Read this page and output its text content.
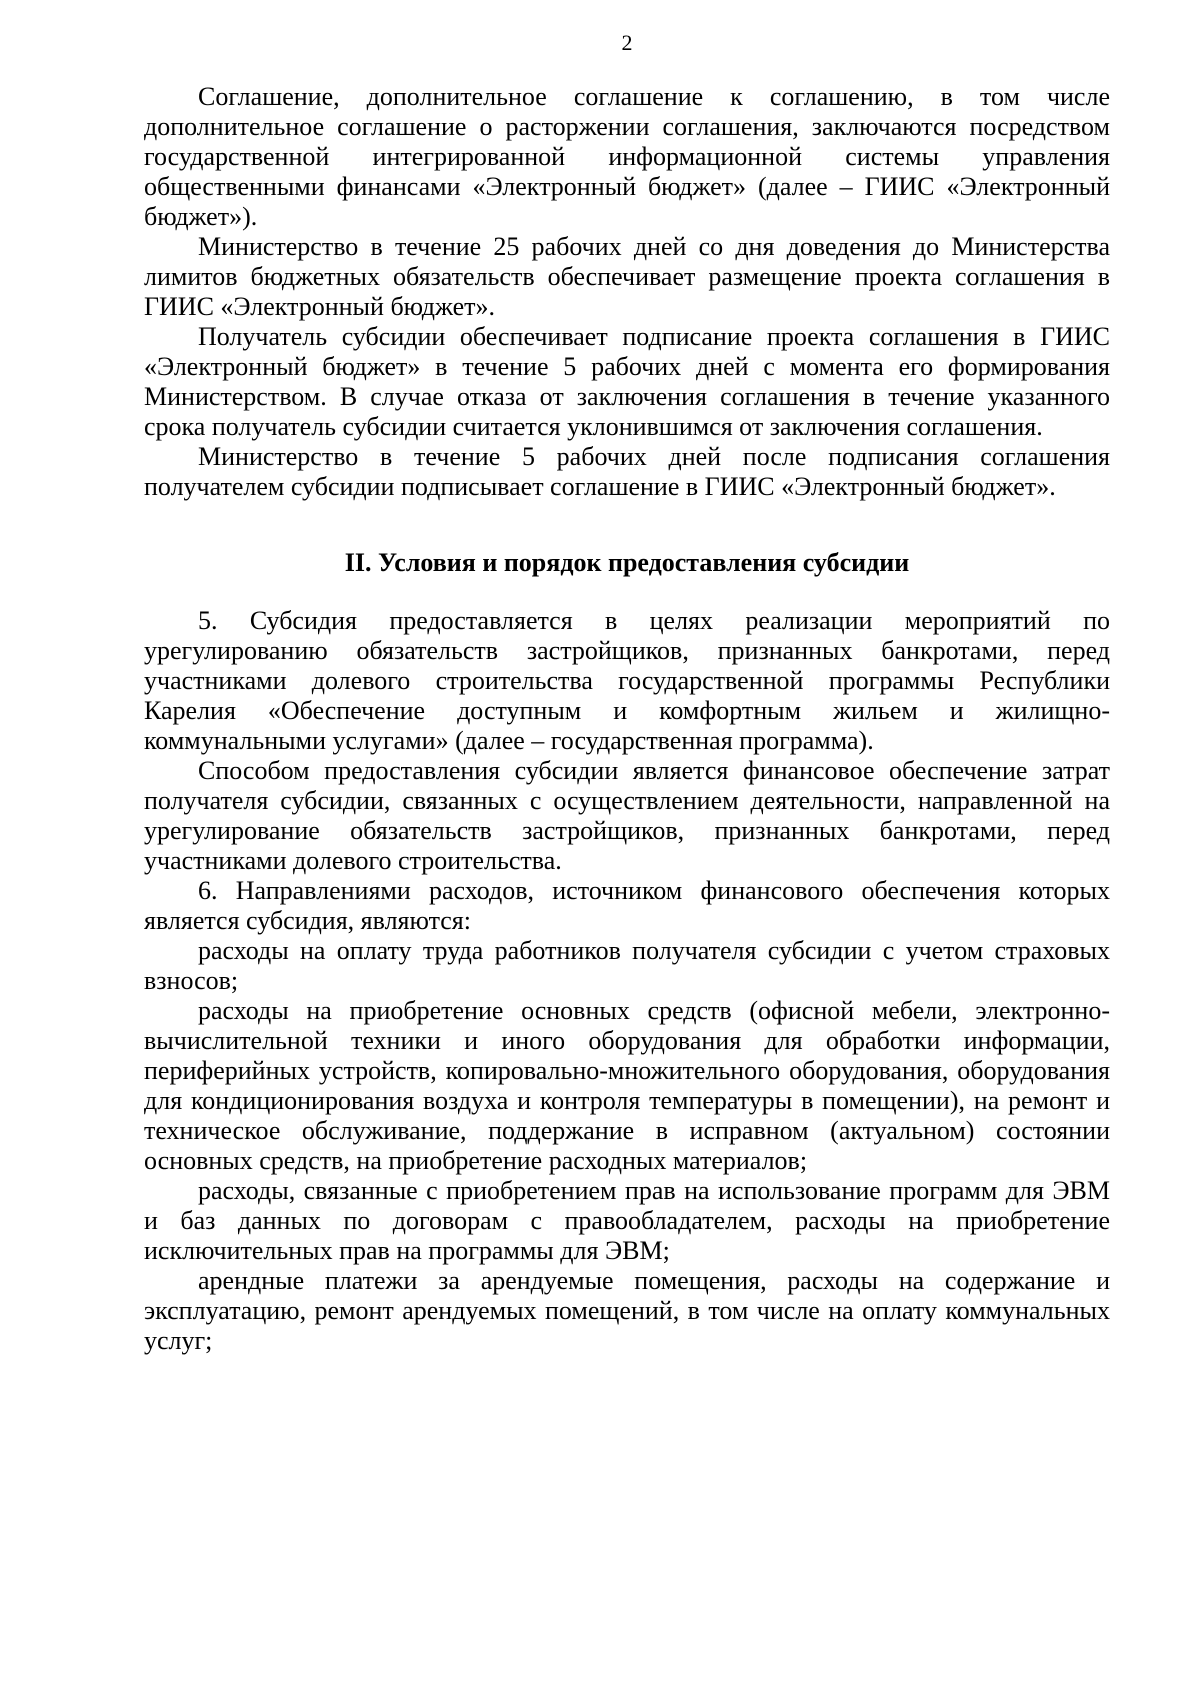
2

Соглашение, дополнительное соглашение к соглашению, в том числе дополнительное соглашение о расторжении соглашения, заключаются посредством государственной интегрированной информационной системы управления общественными финансами «Электронный бюджет» (далее – ГИИС «Электронный бюджет»).

Министерство в течение 25 рабочих дней со дня доведения до Министерства лимитов бюджетных обязательств обеспечивает размещение проекта соглашения в ГИИС «Электронный бюджет».

Получатель субсидии обеспечивает подписание проекта соглашения в ГИИС «Электронный бюджет» в течение 5 рабочих дней с момента его формирования Министерством. В случае отказа от заключения соглашения в течение указанного срока получатель субсидии считается уклонившимся от заключения соглашения.

Министерство в течение 5 рабочих дней после подписания соглашения получателем субсидии подписывает соглашение в ГИИС «Электронный бюджет».

II. Условия и порядок предоставления субсидии

5. Субсидия предоставляется в целях реализации мероприятий по урегулированию обязательств застройщиков, признанных банкротами, перед участниками долевого строительства государственной программы Республики Карелия «Обеспечение доступным и комфортным жильем и жилищно-коммунальными услугами» (далее – государственная программа).

Способом предоставления субсидии является финансовое обеспечение затрат получателя субсидии, связанных с осуществлением деятельности, направленной на урегулирование обязательств застройщиков, признанных банкротами, перед участниками долевого строительства.

6. Направлениями расходов, источником финансового обеспечения которых является субсидия, являются:

расходы на оплату труда работников получателя субсидии с учетом страховых взносов;

расходы на приобретение основных средств (офисной мебели, электронно-вычислительной техники и иного оборудования для обработки информации, периферийных устройств, копировально-множительного оборудования, оборудования для кондиционирования воздуха и контроля температуры в помещении), на ремонт и техническое обслуживание, поддержание в исправном (актуальном) состоянии основных средств, на приобретение расходных материалов;

расходы, связанные с приобретением прав на использование программ для ЭВМ и баз данных по договорам с правообладателем, расходы на приобретение исключительных прав на программы для ЭВМ;

арендные платежи за арендуемые помещения, расходы на содержание и эксплуатацию, ремонт арендуемых помещений, в том числе на оплату коммунальных услуг;
